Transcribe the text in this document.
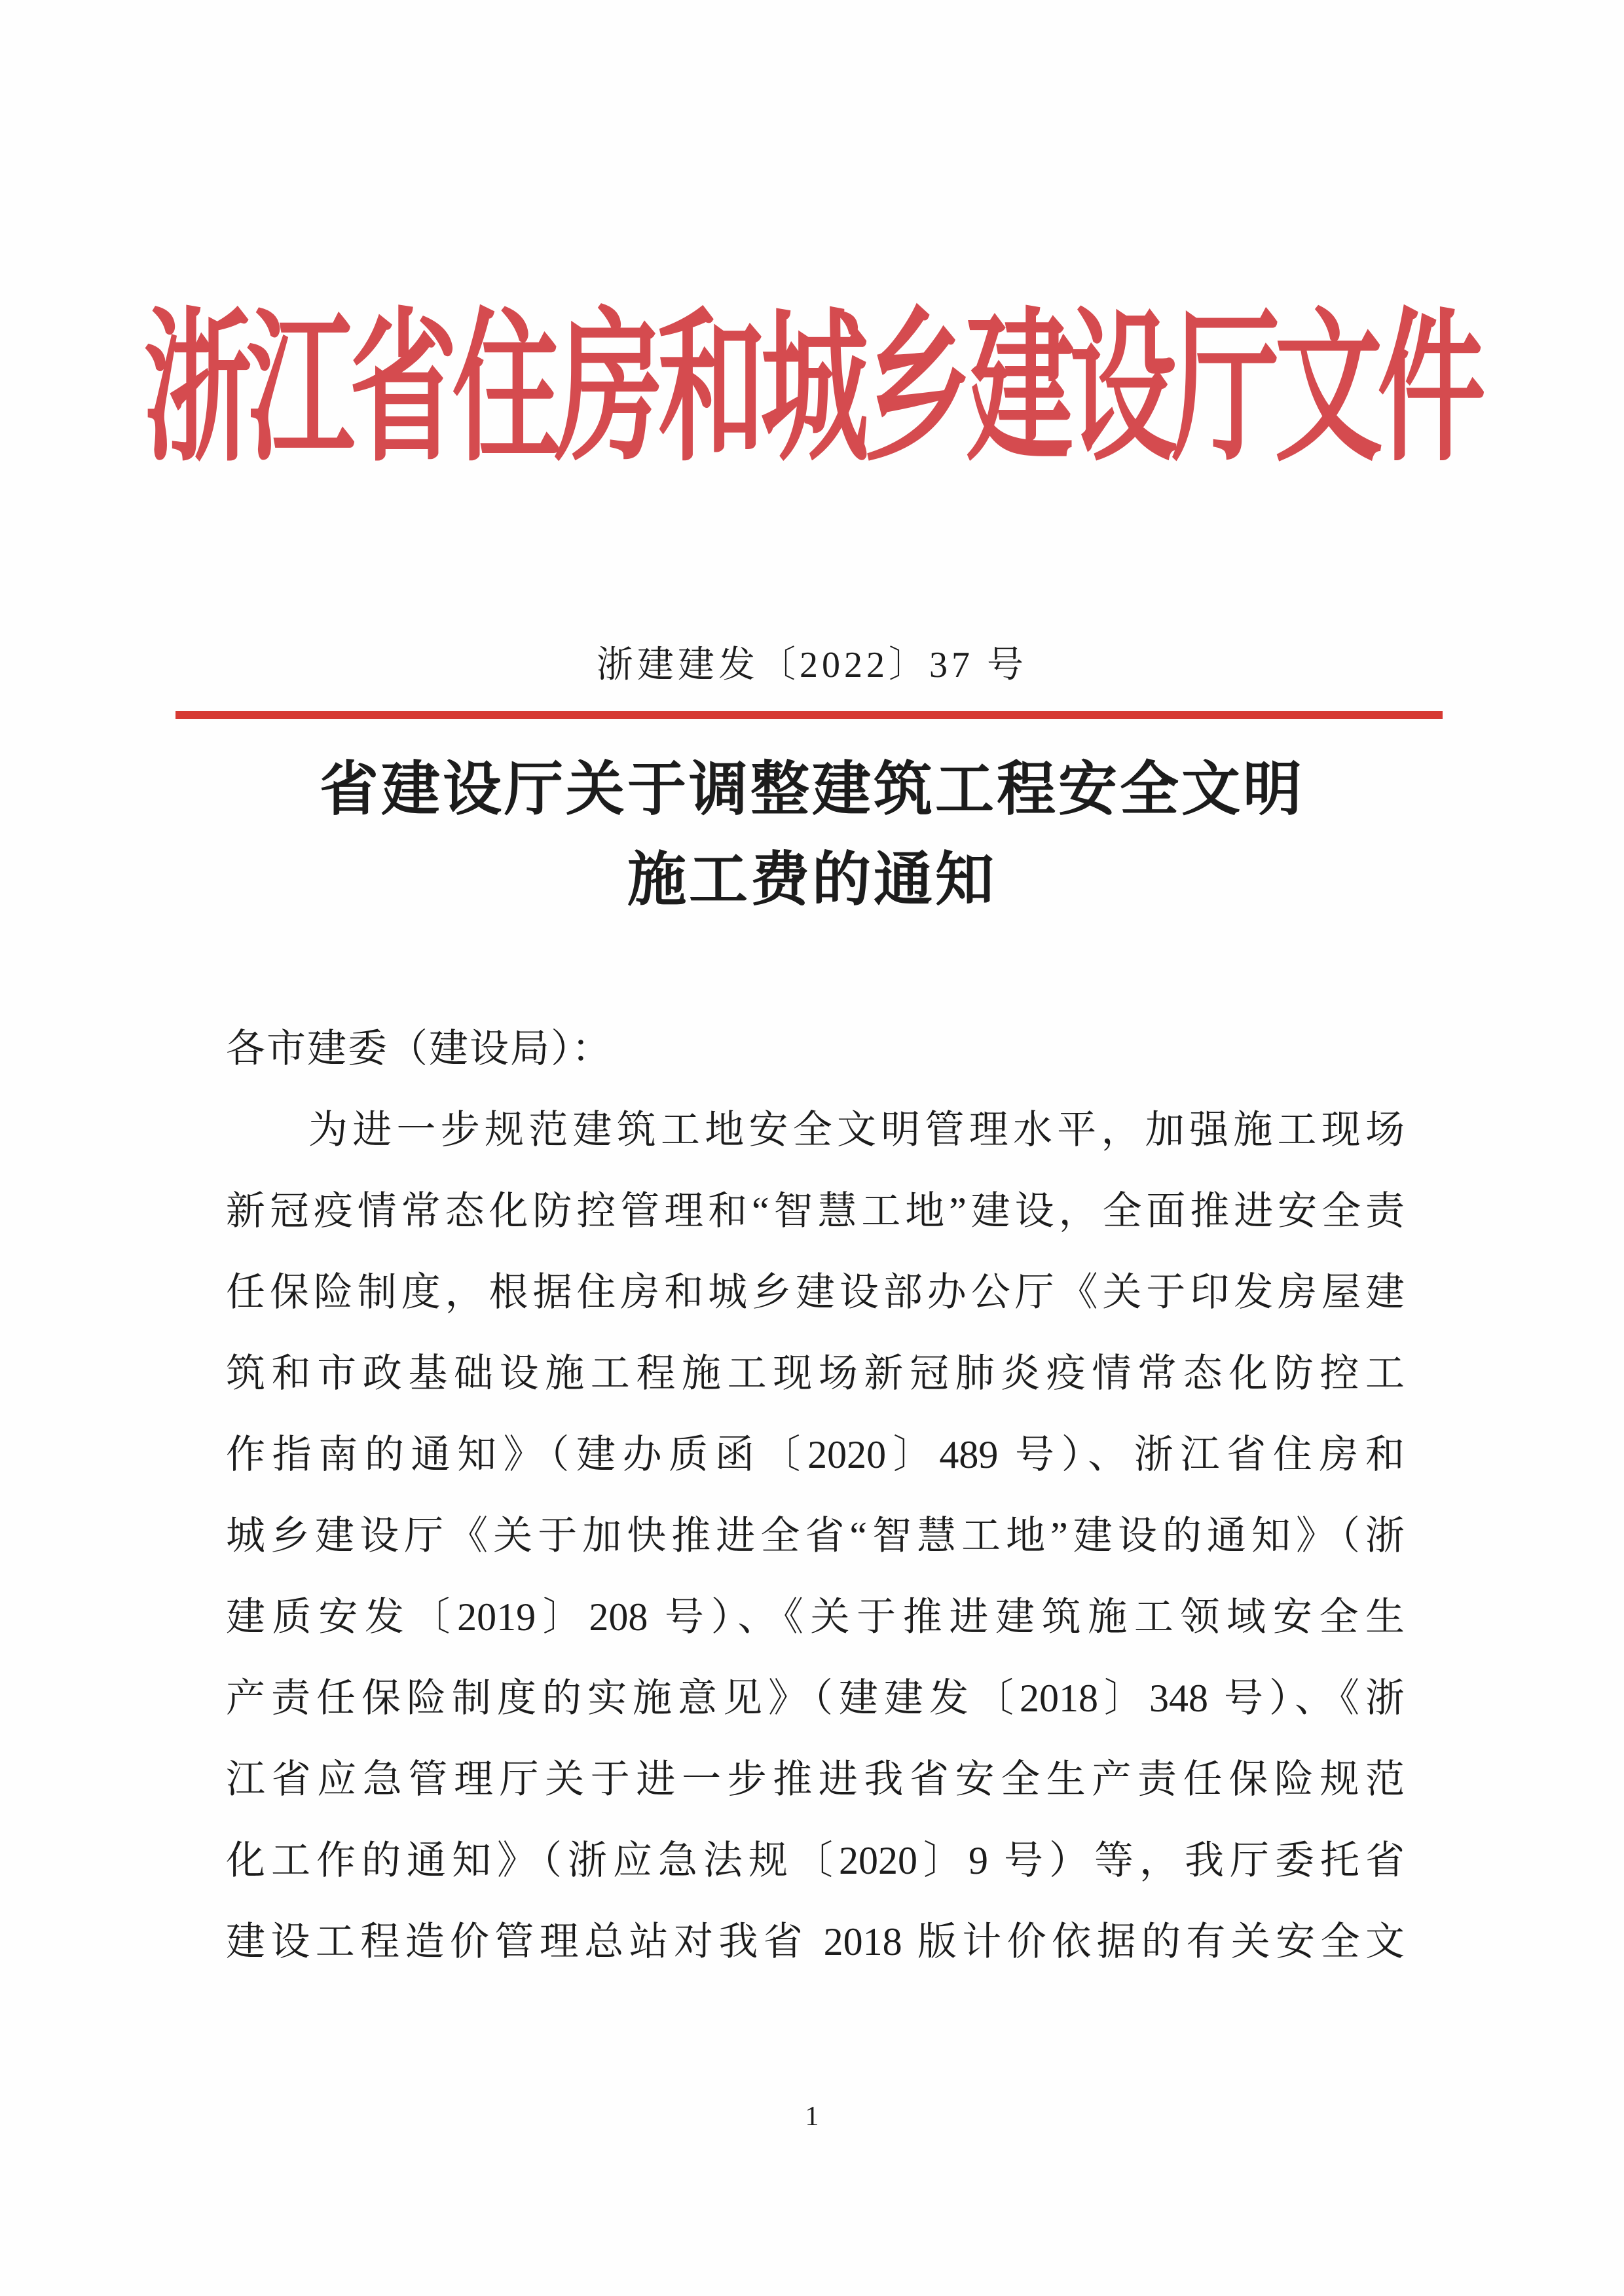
浙江省住房和城乡建设厅文件
浙建建发〔2022〕37 号
省建设厅关于调整建筑工程安全文明
施工费的通知
各市建委（建设局）：
为进一步规范建筑工地安全文明管理水平，加强施工现场
新冠疫情常态化防控管理和“智慧工地”建设，全面推进安全责
任保险制度，根据住房和城乡建设部办公厅《关于印发房屋建
筑和市政基础设施工程施工现场新冠肺炎疫情常态化防控工
作指南的通知》（建办质函〔2020〕489 号）、浙江省住房和
城乡建设厅《关于加快推进全省“智慧工地”建设的通知》（浙
建质安发〔2019〕208 号）、《关于推进建筑施工领域安全生
产责任保险制度的实施意见》（建建发〔2018〕348 号）、《浙
江省应急管理厅关于进一步推进我省安全生产责任保险规范
化工作的通知》（浙应急法规〔2020〕9 号）等，我厅委托省
建设工程造价管理总站对我省 2018 版计价依据的有关安全文
1
